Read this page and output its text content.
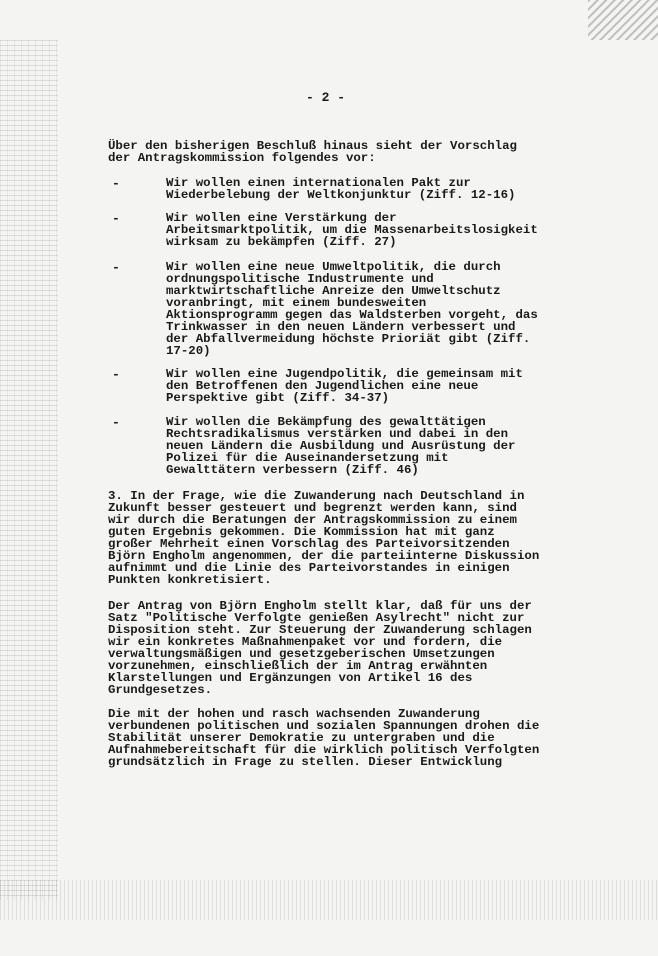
- 2 -
Über den bisherigen Beschluß hinaus sieht der Vorschlag
der Antragskommission folgendes vor:
-	Wir wollen einen internationalen Pakt zur
Wiederbelebung der Weltkonjunktur (Ziff. 12-16)
-	Wir wollen eine Verstärkung der
Arbeitsmarktpolitik, um die Massenarbeitslosigkeit
wirksam zu bekämpfen (Ziff. 27)
-	Wir wollen eine neue Umweltpolitik, die durch
ordnungspolitische Industrumente und
marktwirtschaftliche Anreize den Umweltschutz
voranbringt, mit einem bundesweiten
Aktionsprogramm gegen das Waldsterben vorgeht, das
Trinkwasser in den neuen Ländern verbessert und
der Abfallvermeidung höchste Prioriät gibt (Ziff.
17-20)
-	Wir wollen eine Jugendpolitik, die gemeinsam mit
den Betroffenen den Jugendlichen eine neue
Perspektive gibt (Ziff. 34-37)
-	Wir wollen die Bekämpfung des gewalttätigen
Rechtsradikalismus verstärken und dabei in den
neuen Ländern die Ausbildung und Ausrüstung der
Polizei für die Auseinandersetzung mit
Gewalttätern verbessern (Ziff. 46)
3. In der Frage, wie die Zuwanderung nach Deutschland in
Zukunft besser gesteuert und begrenzt werden kann, sind
wir durch die Beratungen der Antragskommission zu einem
guten Ergebnis gekommen. Die Kommission hat mit ganz
großer Mehrheit einen Vorschlag des Parteivorsitzenden
Björn Engholm angenommen, der die parteiinterne Diskussion
aufnimmt und die Linie des Parteivorstandes in einigen
Punkten konkretisiert.
Der Antrag von Björn Engholm stellt klar, daß für uns der
Satz "Politische Verfolgte genießen Asylrecht" nicht zur
Disposition steht. Zur Steuerung der Zuwanderung schlagen
wir ein konkretes Maßnahmenpaket vor und fordern, die
verwaltungsmäßigen und gesetzgeberischen Umsetzungen
vorzunehmen, einschließlich der im Antrag erwähnten
Klarstellungen und Ergänzungen von Artikel 16 des
Grundgesetzes.
Die mit der hohen und rasch wachsenden Zuwanderung
verbundenen politischen und sozialen Spannungen drohen die
Stabilität unserer Demokratie zu untergraben und die
Aufnahmebereitschaft für die wirklich politisch Verfolgten
grundsätzlich in Frage zu stellen. Dieser Entwicklung
